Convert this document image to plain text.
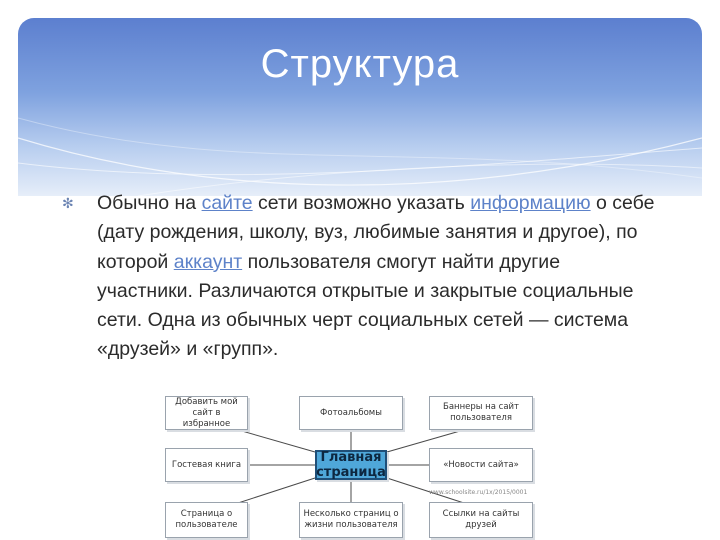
Структура
✻	Обычно на сайте сети возможно указать информацию о себе (дату рождения, школу, вуз, любимые занятия и другое), по которой аккаунт пользователя смогут найти другие участники. Различаются открытые и закрытые социальные сети. Одна из обычных черт социальных сетей — система «друзей» и «групп».
Добавить мой сайт в избранное
Фотоальбомы
Баннеры на сайт пользователя
Гостевая книга	Главная страница
«Новости сайта»
www.schoolsite.ru/1x/2015/0001
Страница о пользователе
Несколько страниц о жизни пользователя
Ссылки на сайты друзей
